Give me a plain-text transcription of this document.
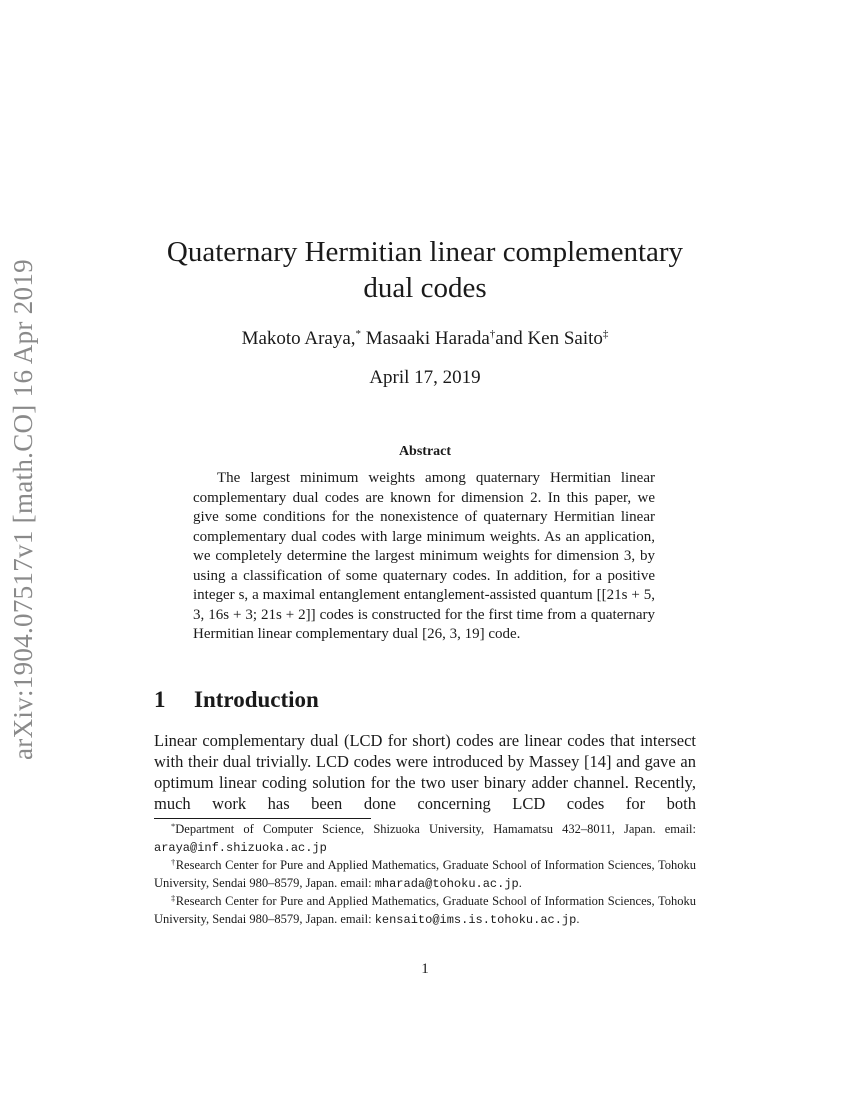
arXiv:1904.07517v1 [math.CO] 16 Apr 2019
Quaternary Hermitian linear complementary
dual codes
Makoto Araya,* Masaaki Harada†and Ken Saito‡
April 17, 2019
Abstract
The largest minimum weights among quaternary Hermitian linear complementary dual codes are known for dimension 2. In this paper, we give some conditions for the nonexistence of quaternary Hermitian linear complementary dual codes with large minimum weights. As an application, we completely determine the largest minimum weights for dimension 3, by using a classification of some quaternary codes. In addition, for a positive integer s, a maximal entanglement entanglement-assisted quantum [[21s + 5, 3, 16s + 3; 21s + 2]] codes is constructed for the first time from a quaternary Hermitian linear complementary dual [26, 3, 19] code.
1 Introduction
Linear complementary dual (LCD for short) codes are linear codes that intersect with their dual trivially. LCD codes were introduced by Massey [14] and gave an optimum linear coding solution for the two user binary adder channel. Recently, much work has been done concerning LCD codes for both

*Department of Computer Science, Shizuoka University, Hamamatsu 432–8011, Japan. email: araya@inf.shizuoka.ac.jp

†Research Center for Pure and Applied Mathematics, Graduate School of Information Sciences, Tohoku University, Sendai 980–8579, Japan. email: mharada@tohoku.ac.jp.

‡Research Center for Pure and Applied Mathematics, Graduate School of Information Sciences, Tohoku University, Sendai 980–8579, Japan. email: kensaito@ims.is.tohoku.ac.jp.

1
